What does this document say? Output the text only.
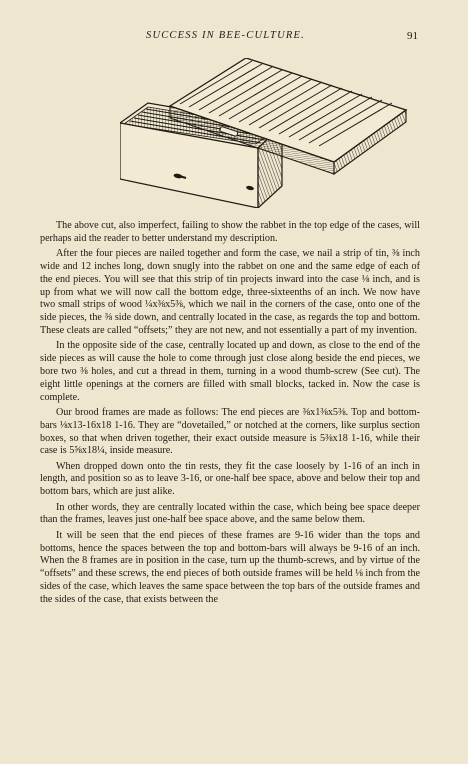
SUCCESS IN BEE-CULTURE.	91

The above cut, also imperfect, failing to show the rabbet in the top edge of the cases, will perhaps aid the reader to better understand my description.

After the four pieces are nailed together and form the case, we nail a strip of tin, ⅜ inch wide and 12 inches long, down snugly into the rabbet on one and the same edge of each of the end pieces. You will see that this strip of tin projects inward into the case ⅛ inch, and is up from what we will now call the bottom edge, three-sixteenths of an inch. We now have two small strips of wood ¼x⅜x5⅜, which we nail in the corners of the case, onto one of the side pieces, the ⅜ side down, and centrally located in the case, as regards the top and bottom. These cleats are called “offsets;” they are not new, and not essentially a part of my invention.

In the opposite side of the case, centrally located up and down, as close to the end of the side pieces as will cause the hole to come through just close along beside the end pieces, we bore two ⅜ holes, and cut a thread in them, turning in a wood thumb-screw (See cut). The eight little openings at the corners are filled with small blocks, tacked in. Now the case is complete.

Our brood frames are made as follows: The end pieces are ⅜x1⅜x5⅜. Top and bottom-bars ⅛x13-16x18 1-16. They are “dovetailed,” or notched at the corners, like surplus section boxes, so that when driven together, their exact outside measure is 5⅜x18 1-16, while their case is 5⅝x18¼, inside measure.

When dropped down onto the tin rests, they fit the case loosely by 1-16 of an inch in length, and position so as to leave 3-16, or one-half bee space, above and below their top and bottom bars, which are just alike.

In other words, they are centrally located within the case, which being bee space deeper than the frames, leaves just one-half bee space above, and the same below them.

It will be seen that the end pieces of these frames are 9-16 wider than the tops and bottoms, hence the spaces between the top and bottom-bars will always be 9-16 of an inch. When the 8 frames are in position in the case, turn up the thumb-screws, and by virtue of the “offsets” and these screws, the end pieces of both outside frames will be held ⅛ inch from the sides of the case, which leaves the same space between the top bars of the outside frames and the sides of the case, that exists between the
